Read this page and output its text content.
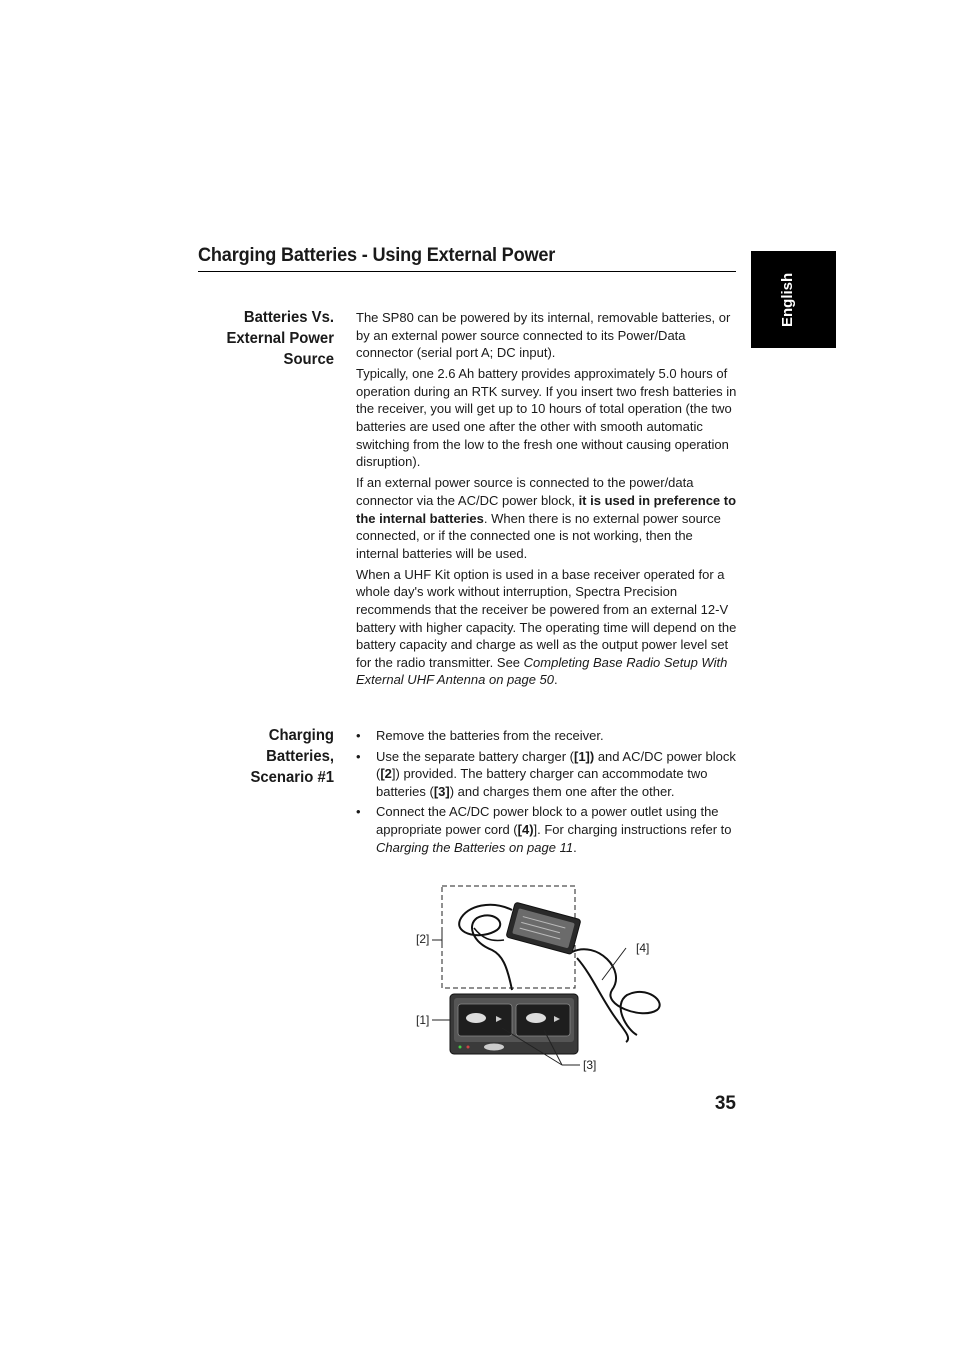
Charging Batteries - Using External Power
English
Batteries Vs.
External Power
Source

The SP80 can be powered by its internal, removable batteries, or by an external power source connected to its Power/Data connector (serial port A; DC input).

Typically, one 2.6 Ah battery provides approximately 5.0 hours of operation during an RTK survey. If you insert two fresh batteries in the receiver, you will get up to 10 hours of total operation (the two batteries are used one after the other with smooth automatic switching from the low to the fresh one without causing operation disruption).

If an external power source is connected to the power/data connector via the AC/DC power block, it is used in preference to the internal batteries. When there is no external power source connected, or if the connected one is not working, then the internal batteries will be used.

When a UHF Kit option is used in a base receiver operated for a whole day's work without interruption, Spectra Precision recommends that the receiver be powered from an external 12-V battery with higher capacity. The operating time will depend on the battery capacity and charge as well as the output power level set for the radio transmitter. See Completing Base Radio Setup With External UHF Antenna on page 50.

Charging
Batteries,
Scenario #1
• Remove the batteries from the receiver.
• Use the separate battery charger ([1]) and AC/DC power block ([2]) provided. The battery charger can accommodate two batteries ([3]) and charges them one after the other.
• Connect the AC/DC power block to a power outlet using the appropriate power cord ([4)]. For charging instructions refer to Charging the Batteries on page 11.
[2]
[4]
[1]
[3]
35
